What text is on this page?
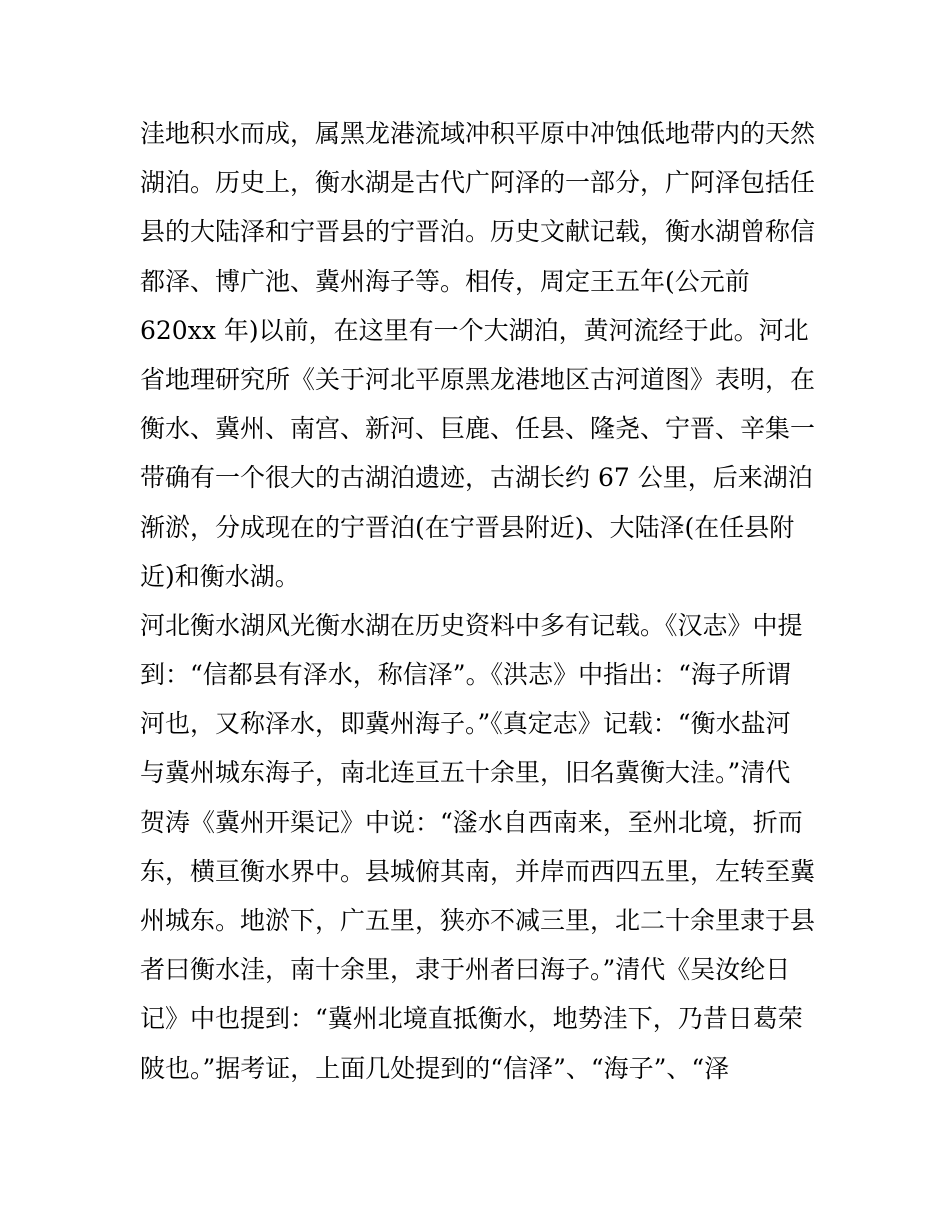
洼地积水而成，属黑龙港流域冲积平原中冲蚀低地带内的天然
湖泊。历史上，衡水湖是古代广阿泽的一部分，广阿泽包括任
县的大陆泽和宁晋县的宁晋泊。历史文献记载，衡水湖曾称信
都泽、博广池、冀州海子等。相传，周定王五年(公元前
620xx 年)以前，在这里有一个大湖泊，黄河流经于此。河北
省地理研究所《关于河北平原黑龙港地区古河道图》表明，在
衡水、冀州、南宫、新河、巨鹿、任县、隆尧、宁晋、辛集一
带确有一个很大的古湖泊遗迹，古湖长约 67 公里，后来湖泊
渐淤，分成现在的宁晋泊(在宁晋县附近)、大陆泽(在任县附
近)和衡水湖。
河北衡水湖风光衡水湖在历史资料中多有记载。《汉志》中提
到：“信都县有泽水，称信泽”。《洪志》中指出：“海子所谓
河也，又称泽水，即冀州海子。”《真定志》记载：“衡水盐河
与冀州城东海子，南北连亘五十余里，旧名冀衡大洼。”清代
贺涛《冀州开渠记》中说：“滏水自西南来，至州北境，折而
东，横亘衡水界中。县城俯其南，并岸而西四五里，左转至冀
州城东。地淤下，广五里，狭亦不减三里，北二十余里隶于县
者曰衡水洼，南十余里，隶于州者曰海子。”清代《吴汝纶日
记》中也提到：“冀州北境直抵衡水，地势洼下，乃昔日葛荣
陂也。”据考证，上面几处提到的“信泽”、“海子”、“泽
